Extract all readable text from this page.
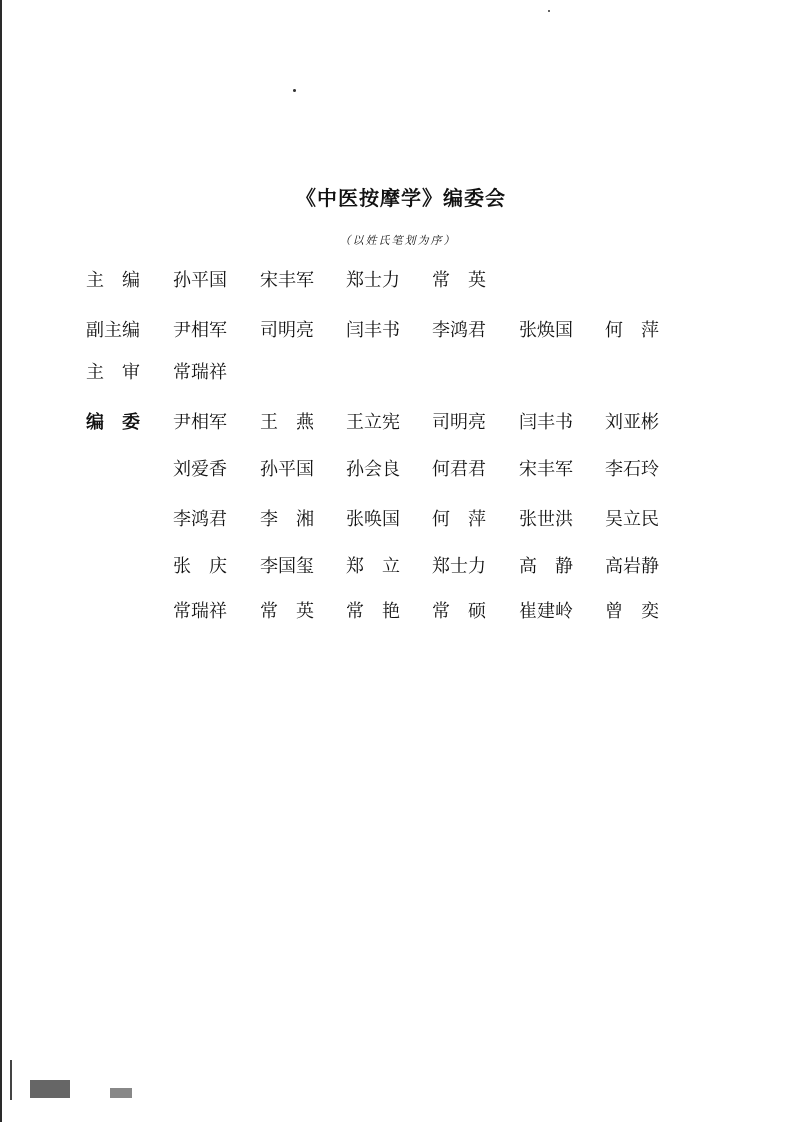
《中医按摩学》编委会
（以姓氏笔划为序）
主　编	孙平国 宋丰军 郑士力 常　英
副主编	尹相军 司明亮 闫丰书 李鸿君 张焕国 何　萍
主　审	常瑞祥
编　委	尹相军 王　燕 王立宪 司明亮 闫丰书 刘亚彬
刘爱香 孙平国 孙会良 何君君 宋丰军 李石玲
李鸿君 李　湘 张唤国 何　萍 张世洪 吴立民
张　庆 李国玺 郑　立 郑士力 高　静 高岩静
常瑞祥 常　英 常　艳 常　硕 崔建岭 曾　奕
